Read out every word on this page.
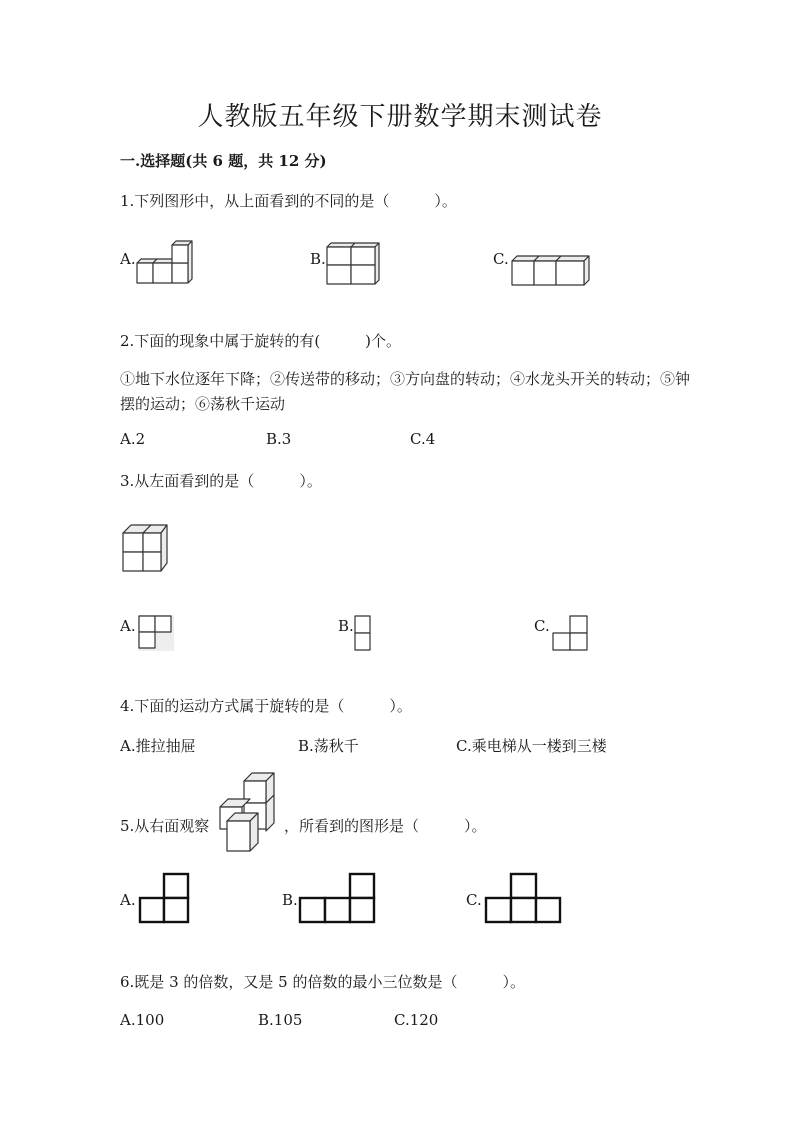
人教版五年级下册数学期末测试卷
一.选择题(共 6 题，共 12 分)
1.下列图形中，从上面看到的不同的是（　　　）。
A.	B.	C.
2.下面的现象中属于旋转的有(　　　)个。
①地下水位逐年下降；②传送带的移动；③方向盘的转动；④水龙头开关的转动；⑤钟摆的运动；⑥荡秋千运动
A.2	B.3	C.4
3.从左面看到的是（　　　）。
A.	B.	C.
4.下面的运动方式属于旋转的是（　　　）。
A.推拉抽屉	B.荡秋千	C.乘电梯从一楼到三楼
5.从右面观察	，所看到的图形是（　　　）。
A.	B.	C.
6.既是 3 的倍数，又是 5 的倍数的最小三位数是（　　　）。
A.100	B.105	C.120
